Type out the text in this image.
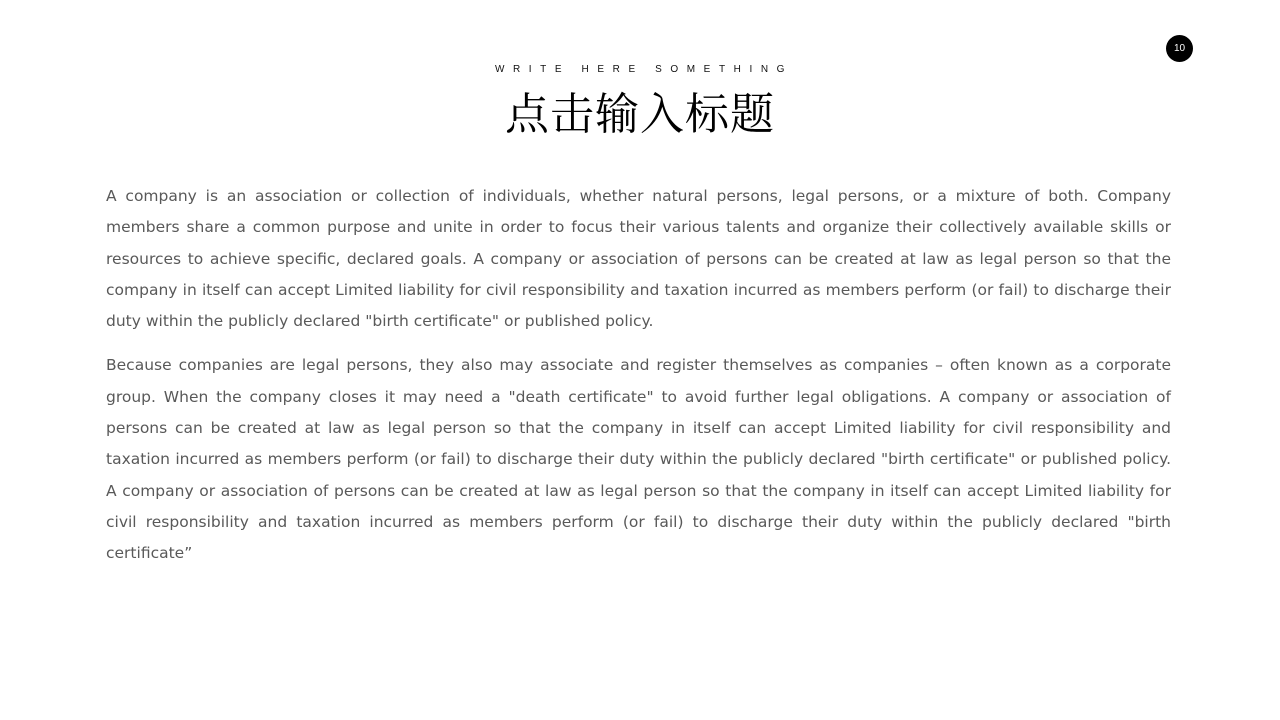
10
WRITE HERE SOMETHING
点击输入标题

A company is an association or collection of individuals, whether natural persons, legal persons, or a mixture of both. Company members share a common purpose and unite in order to focus their various talents and organize their collectively available skills or resources to achieve specific, declared goals. A company or association of persons can be created at law as legal person so that the company in itself can accept Limited liability for civil responsibility and taxation incurred as members perform (or fail) to discharge their duty within the publicly declared "birth certificate" or published policy.

Because companies are legal persons, they also may associate and register themselves as companies – often known as a corporate group. When the company closes it may need a "death certificate" to avoid further legal obligations. A company or association of persons can be created at law as legal person so that the company in itself can accept Limited liability for civil responsibility and taxation incurred as members perform (or fail) to discharge their duty within the publicly declared "birth certificate" or published policy. A company or association of persons can be created at law as legal person so that the company in itself can accept Limited liability for civil responsibility and taxation incurred as members perform (or fail) to discharge their duty within the publicly declared "birth certificate”
